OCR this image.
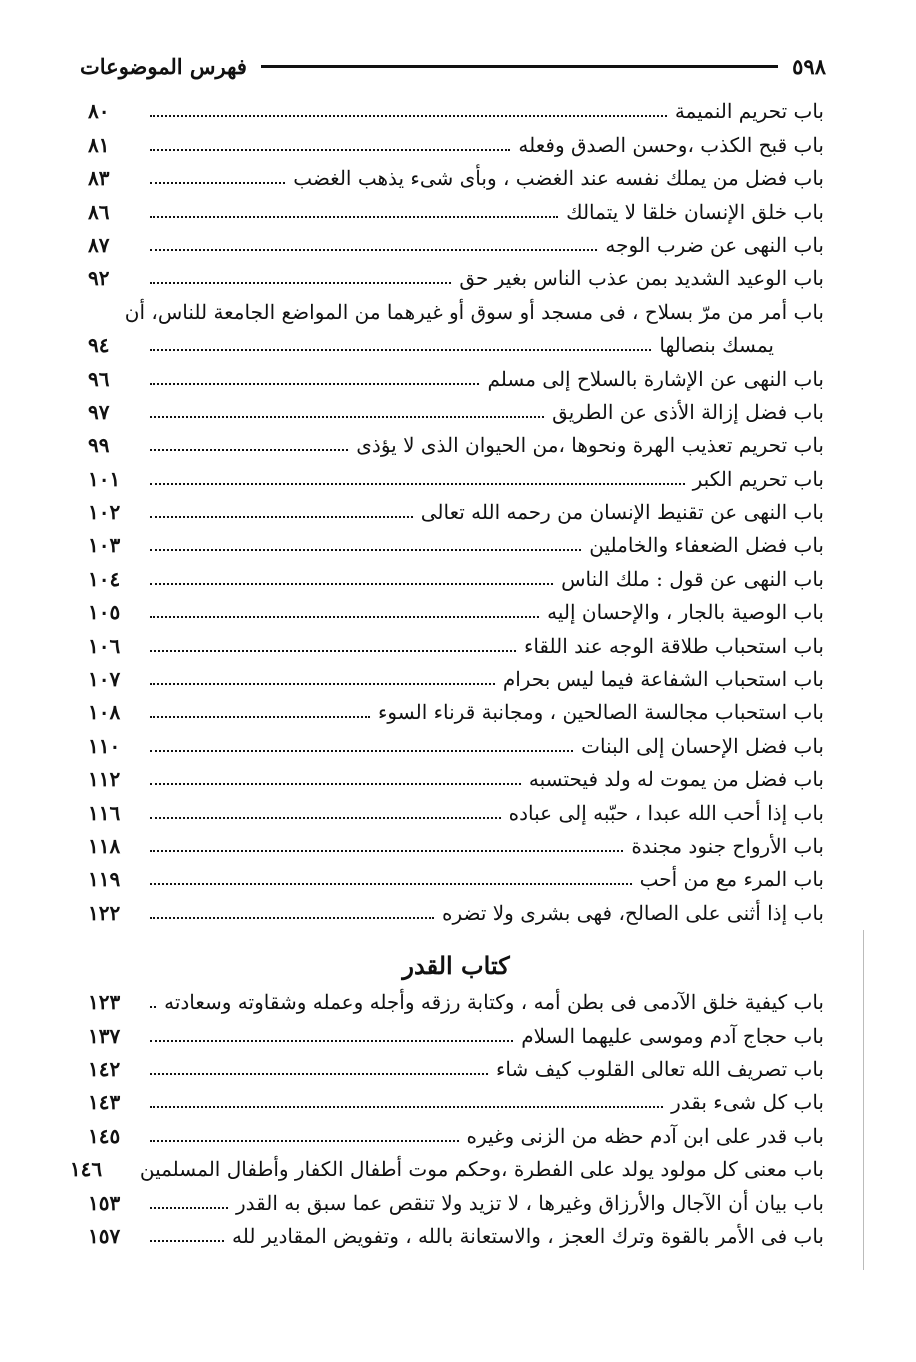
٥٩٨
فهرس الموضوعات
باب تحريم النميمة
٨٠
باب قبح الكذب ،وحسن الصدق وفعله
٨١
باب فضل من يملك نفسه عند الغضب ، وبأى شىء يذهب الغضب
٨٣
باب خلق الإنسان خلقا لا يتمالك
٨٦
باب النهى عن ضرب الوجه
٨٧
باب الوعيد الشديد بمن عذب الناس بغير حق
٩٢
باب أمر من مرّ بسلاح ، فى مسجد أو سوق أو غيرهما من المواضع الجامعة للناس، أن
يمسك بنصالها
٩٤
باب النهى عن الإشارة بالسلاح إلى مسلم
٩٦
باب فضل إزالة الأذى عن الطريق
٩٧
باب تحريم تعذيب الهرة ونحوها ،من الحيوان الذى لا يؤذى
٩٩
باب تحريم الكبر
١٠١
باب النهى عن تقنيط الإنسان من رحمه الله تعالى
١٠٢
باب فضل الضعفاء والخاملين
١٠٣
باب النهى عن قول : ملك الناس
١٠٤
باب الوصية بالجار ، والإحسان إليه
١٠٥
باب استحباب طلاقة الوجه عند اللقاء
١٠٦
باب استحباب الشفاعة فيما ليس بحرام
١٠٧
باب استحباب مجالسة الصالحين ، ومجانبة قرناء السوء
١٠٨
باب فضل الإحسان إلى البنات
١١٠
باب فضل من يموت له ولد فيحتسبه
١١٢
باب إذا أحب الله عبدا ، حبّبه إلى عباده
١١٦
باب الأرواح جنود مجندة
١١٨
باب المرء مع من أحب
١١٩
باب إذا أثنى على الصالح، فهى بشرى ولا تضره
١٢٢
كتاب القدر
باب كيفية خلق الآدمى فى بطن أمه ، وكتابة رزقه وأجله وعمله وشقاوته وسعادته
١٢٣
باب حجاج آدم وموسى عليهما السلام
١٣٧
باب تصريف الله تعالى القلوب كيف شاء
١٤٢
باب كل شىء بقدر
١٤٣
باب قدر على ابن آدم حظه من الزنى وغيره
١٤٥
باب معنى كل مولود يولد على الفطرة ،وحكم موت أطفال الكفار وأطفال المسلمين
١٤٦
باب بيان أن الآجال والأرزاق وغيرها ، لا تزيد ولا تنقص عما سبق به القدر
١٥٣
باب فى الأمر بالقوة وترك العجز ، والاستعانة بالله ، وتفويض المقادير لله
١٥٧
